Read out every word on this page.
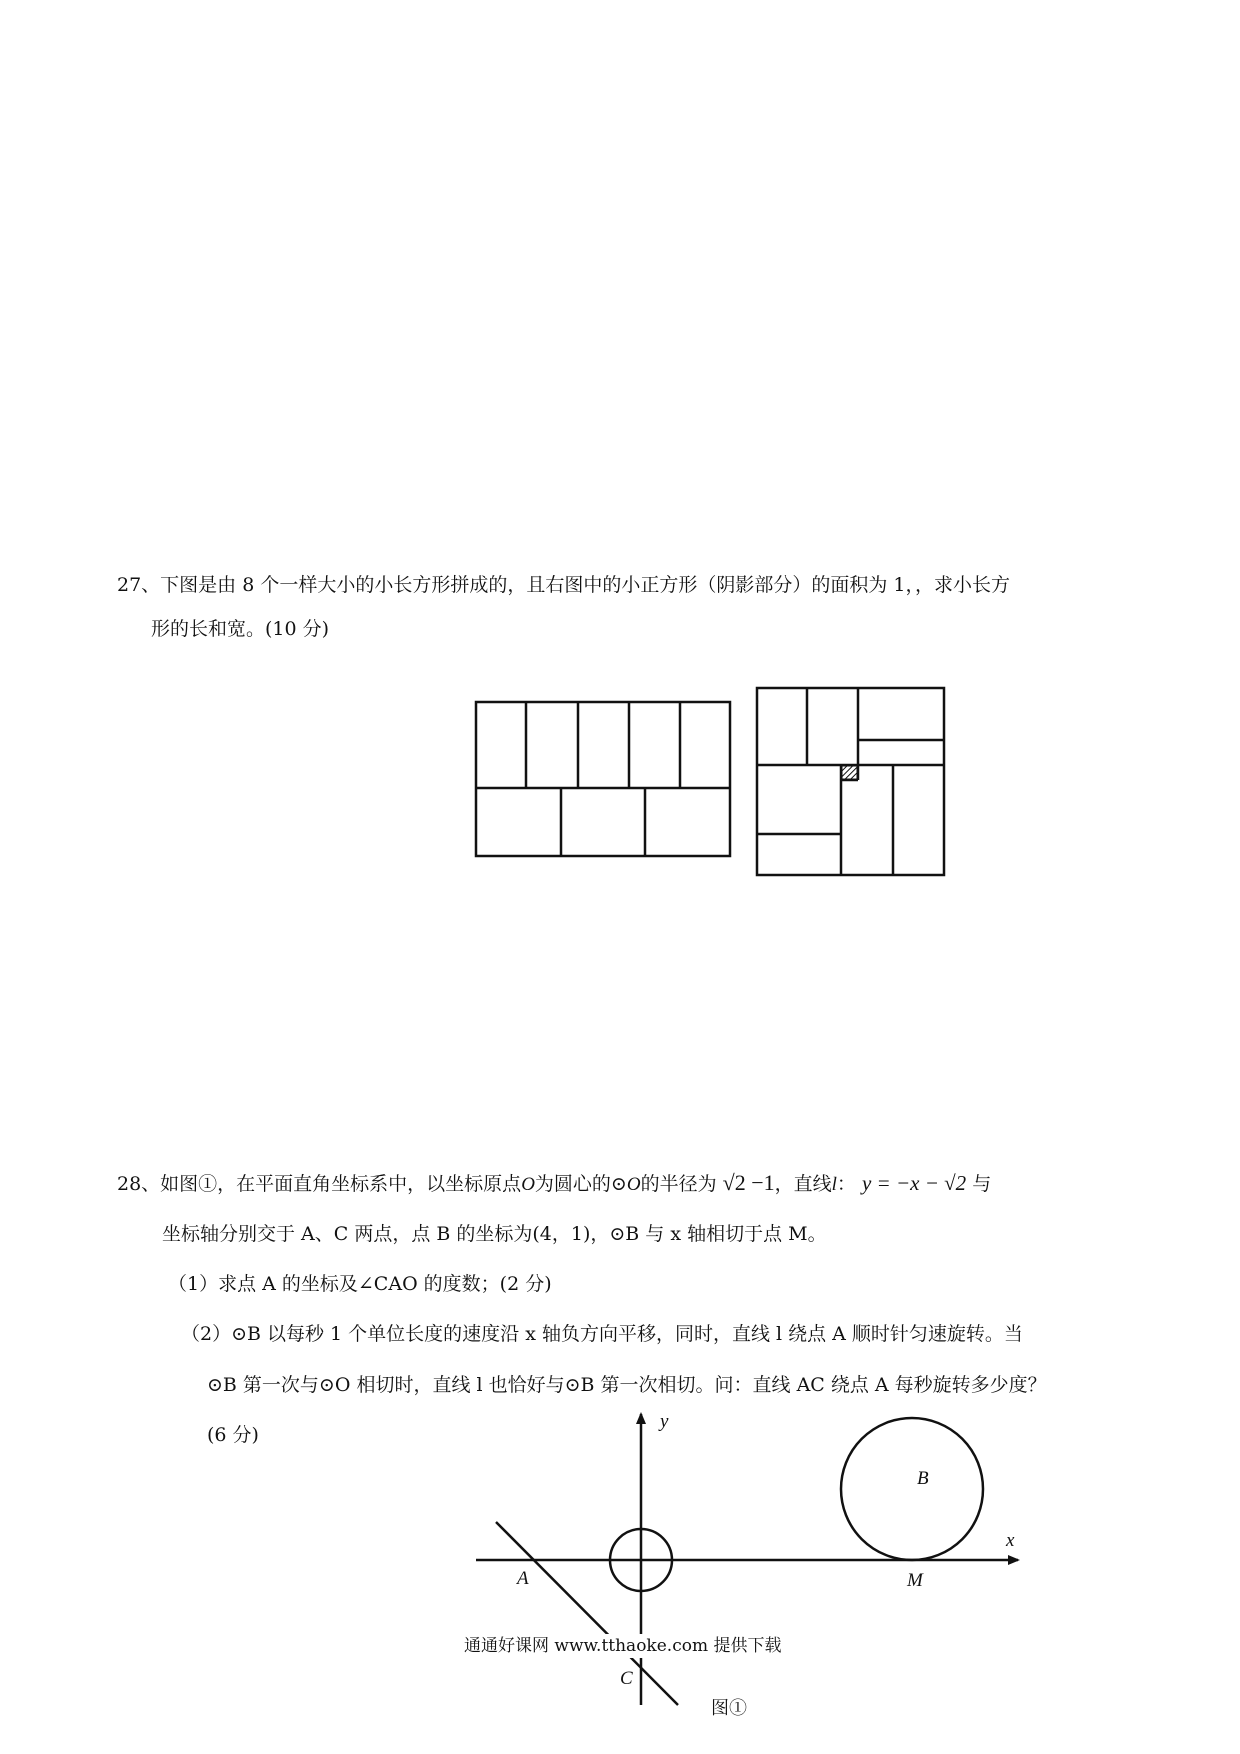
27、下图是由 8 个一样大小的小长方形拼成的，且右图中的小正方形（阴影部分）的面积为 1，，求小长方
形的长和宽。(10 分)
28、如图①，在平面直角坐标系中，以坐标原点O为圆心的⊙O的半径为 √2 −1，直线l： y = −x − √2 与
坐标轴分别交于 A、C 两点，点 B 的坐标为(4，1)，⊙B 与 x 轴相切于点 M。
（1）求点 A 的坐标及∠CAO 的度数；(2 分)
（2）⊙B 以每秒 1 个单位长度的速度沿 x 轴负方向平移，同时，直线 l 绕点 A 顺时针匀速旋转。当
⊙B 第一次与⊙O 相切时，直线 l 也恰好与⊙B 第一次相切。问：直线 AC 绕点 A 每秒旋转多少度？
(6 分)
y
x
A
B
M
C
通通好课网 www.tthaoke.com 提供下载
图①
